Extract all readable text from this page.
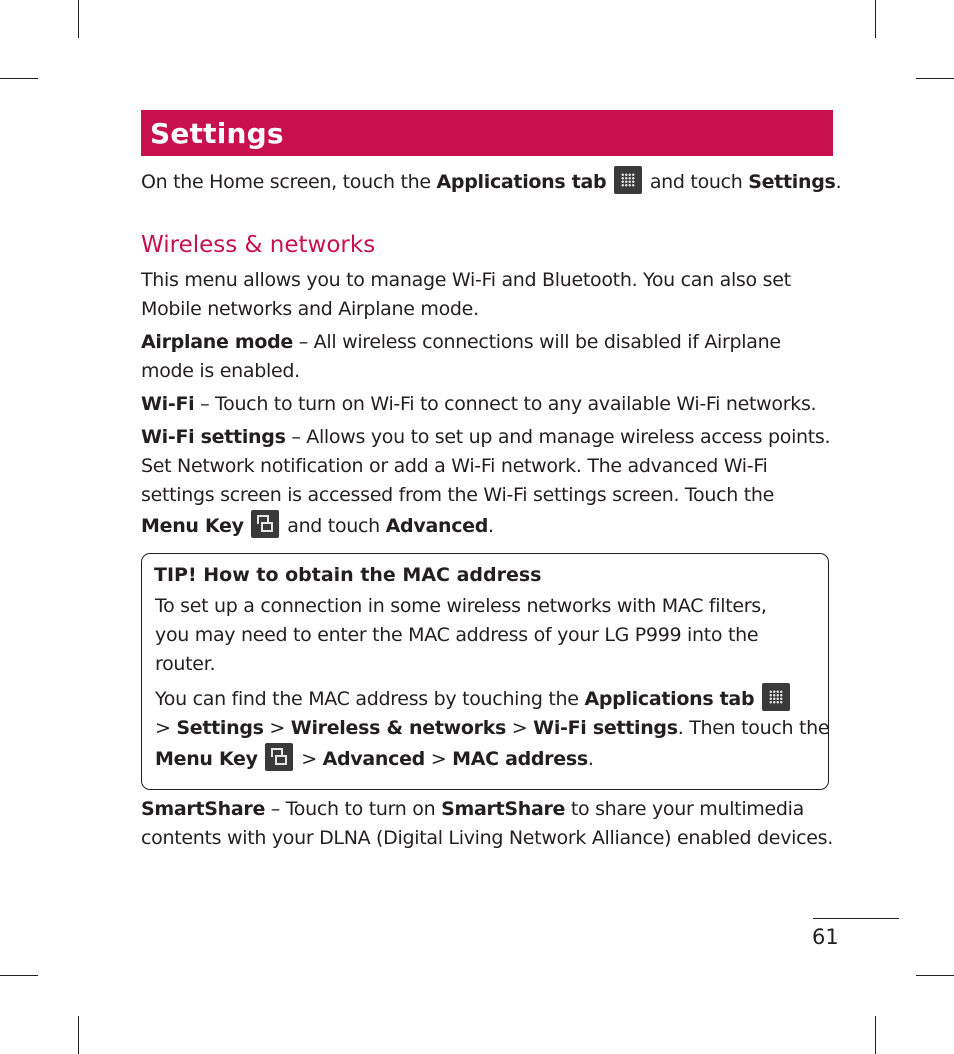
Settings

On the Home screen, touch the Applications tab  and touch Settings.

Wireless & networks

This menu allows you to manage Wi-Fi and Bluetooth. You can also set
Mobile networks and Airplane mode.

Airplane mode – All wireless connections will be disabled if Airplane
mode is enabled.

Wi-Fi – Touch to turn on Wi-Fi to connect to any available Wi-Fi networks.

Wi-Fi settings – Allows you to set up and manage wireless access points.
Set Network notification or add a Wi-Fi network. The advanced Wi-Fi
settings screen is accessed from the Wi-Fi settings screen. Touch the
Menu Key  and touch Advanced.

TIP! How to obtain the MAC address

To set up a connection in some wireless networks with MAC filters,
you may need to enter the MAC address of your LG P999 into the
router.

You can find the MAC address by touching the Applications tab
> Settings > Wireless & networks > Wi-Fi settings. Then touch the
Menu Key  > Advanced > MAC address.

SmartShare – Touch to turn on SmartShare to share your multimedia
contents with your DLNA (Digital Living Network Alliance) enabled devices.

61
